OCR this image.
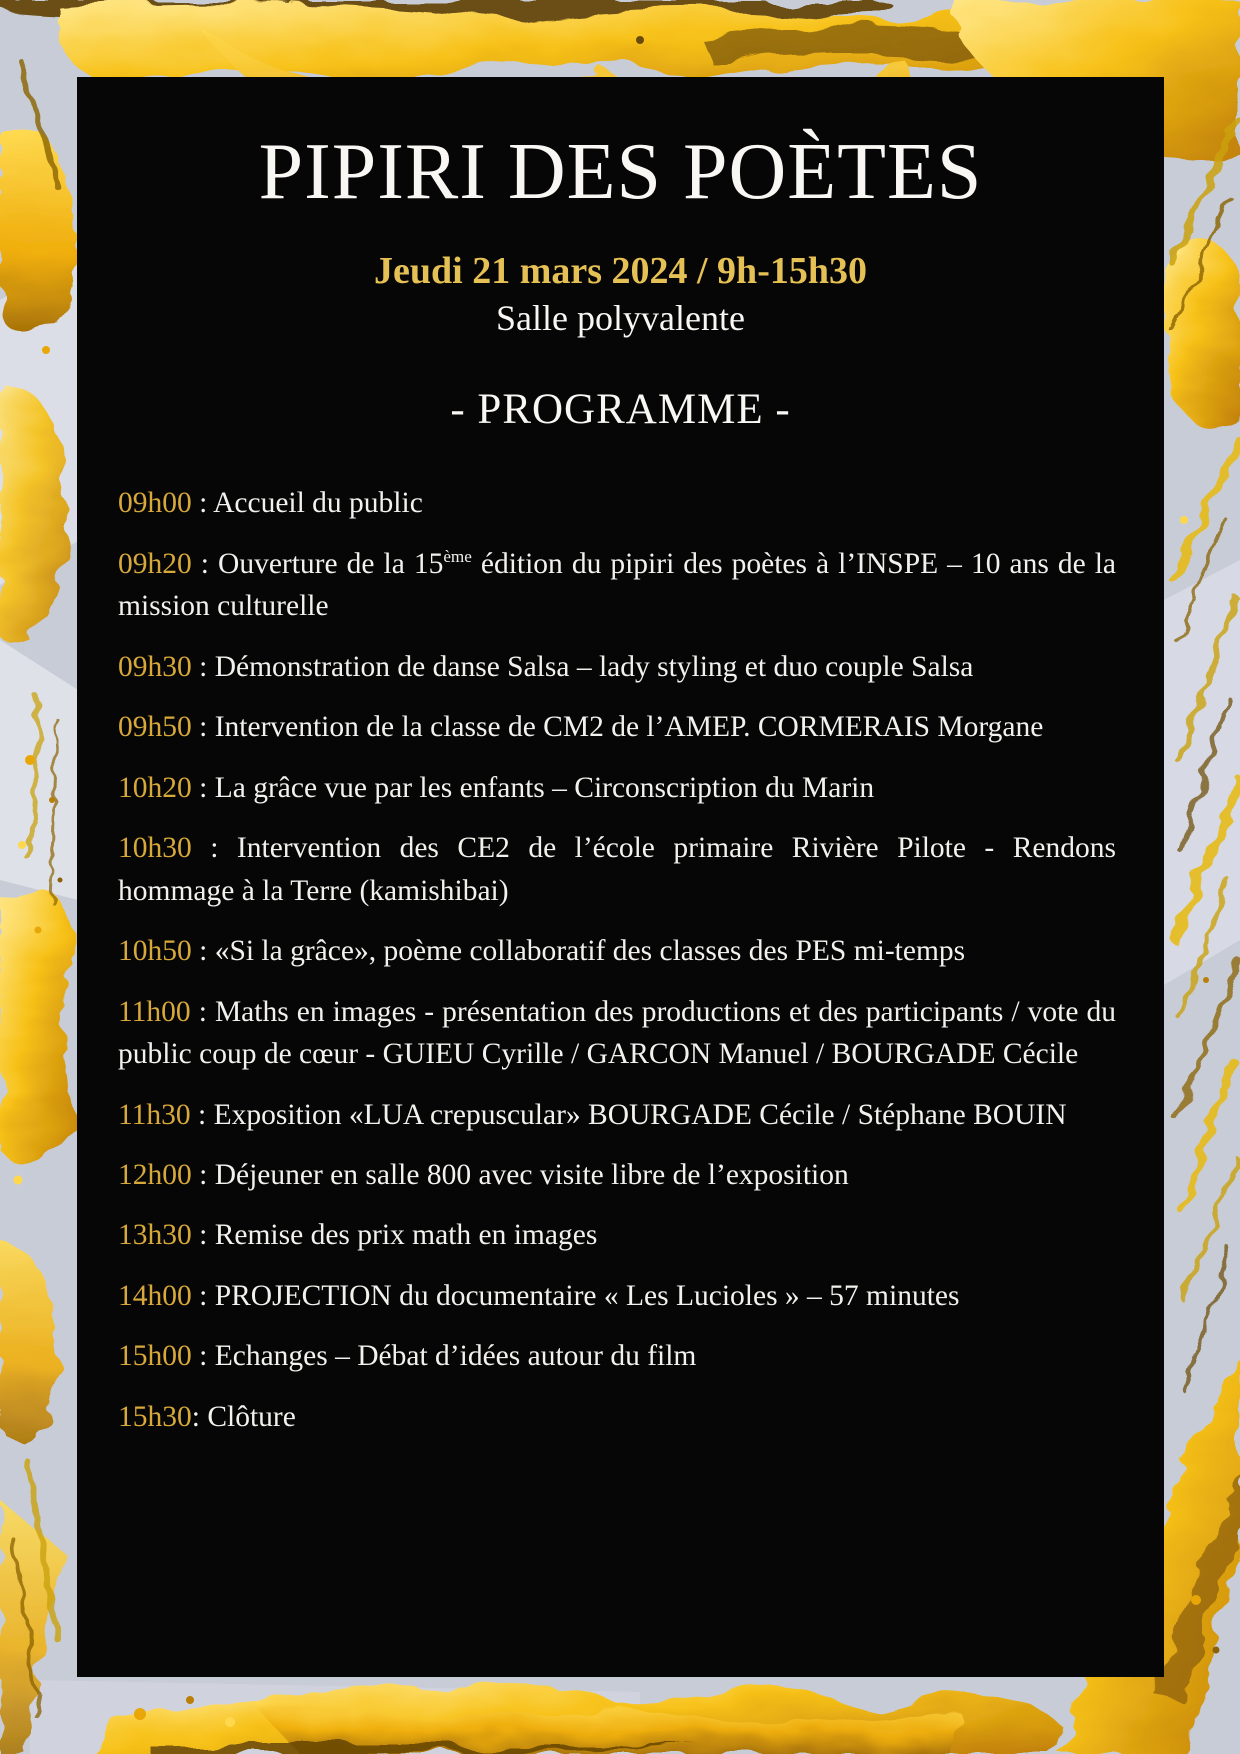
PIPIRI DES POÈTES

Jeudi 21 mars 2024 / 9h-15h30

Salle polyvalente

- PROGRAMME -

09h00 : Accueil du public

09h20 : Ouverture de la 15ème édition du pipiri des poètes à l’INSPE – 10 ans de la mission culturelle

09h30 : Démonstration de danse Salsa – lady styling et duo couple Salsa

09h50 : Intervention de la classe de CM2 de l’AMEP. CORMERAIS Morgane

10h20 : La grâce vue par les enfants – Circonscription du Marin

10h30 : Intervention des CE2 de l’école primaire Rivière Pilote - Rendons hommage à la Terre (kamishibai)

10h50 : «Si la grâce», poème collaboratif des classes des PES mi-temps

11h00 : Maths en images - présentation des productions et des participants / vote du public coup de cœur - GUIEU Cyrille / GARCON Manuel / BOURGADE Cécile

11h30 : Exposition «LUA crepuscular» BOURGADE Cécile / Stéphane BOUIN

12h00 : Déjeuner en salle 800 avec visite libre de l’exposition

13h30 : Remise des prix math en images

14h00 : PROJECTION du documentaire « Les Lucioles » – 57 minutes

15h00 : Echanges – Débat d’idées autour du film

15h30: Clôture
